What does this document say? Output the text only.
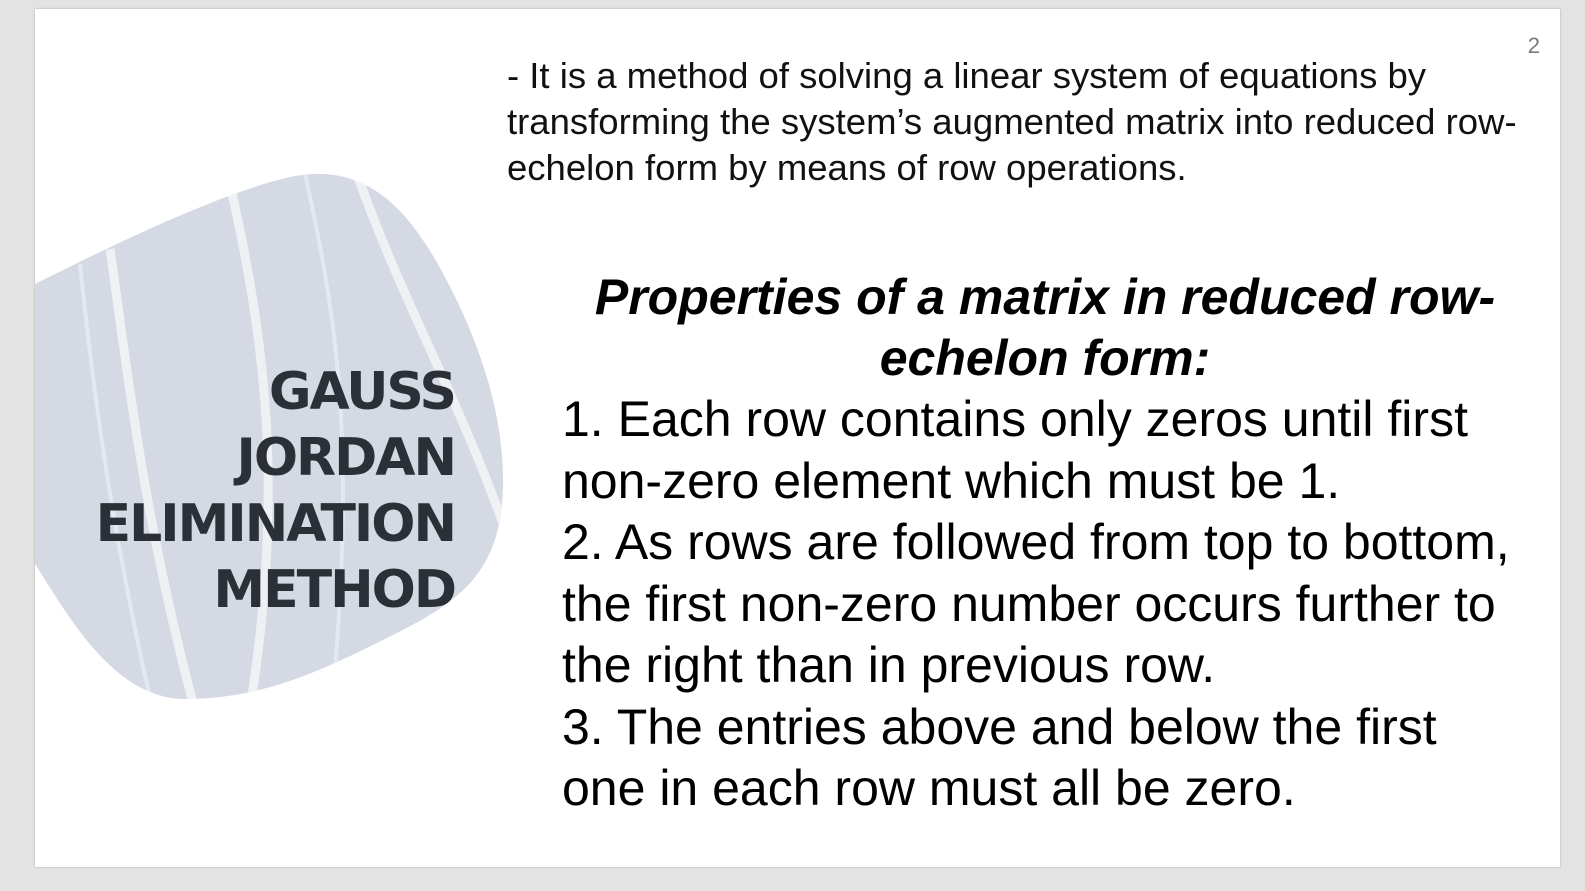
2
GAUSS
JORDAN
ELIMINATION
METHOD
- It is a method of solving a linear system of equations by transforming the system’s augmented matrix into reduced row-echelon form by means of row operations.
Properties of a matrix in reduced row-echelon form:
1. Each row contains only zeros until first non-zero element which must be 1.
2. As rows are followed from top to bottom, the first non-zero number occurs further to the right than in previous row.
3. The entries above and below the first one in each row must all be zero.
